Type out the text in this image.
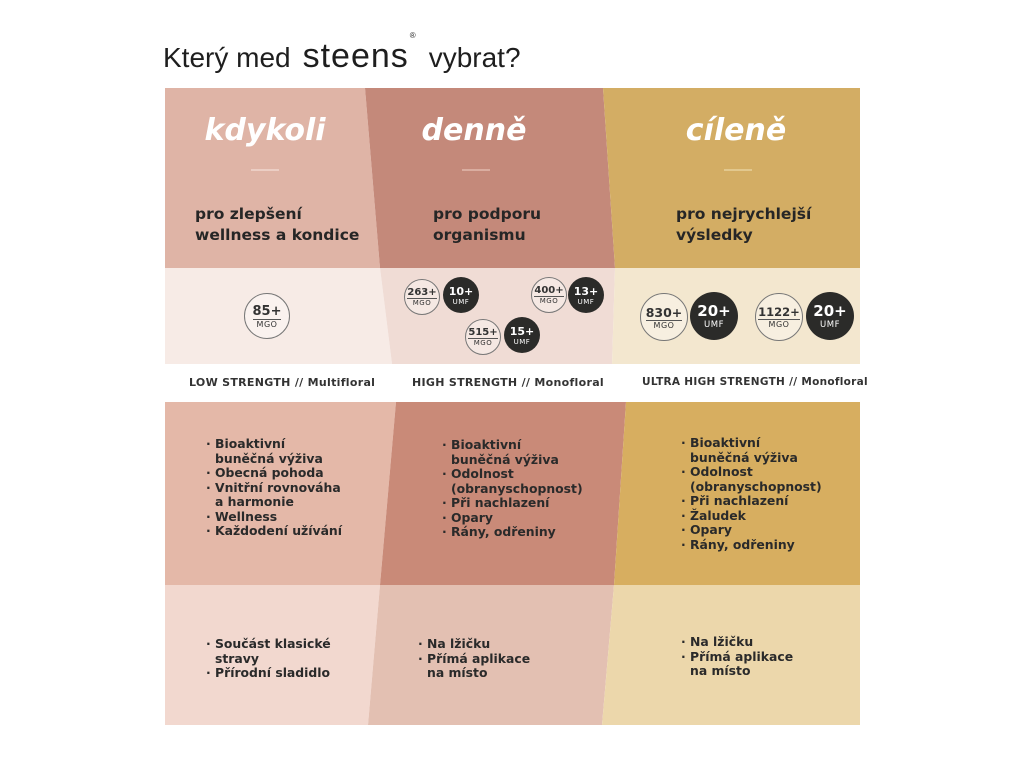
Který med steens®
vybrat?
kdykoli	denně	cíleně
pro zlepšení
wellness a kondice
pro podporu
organismu
pro nejrychlejší
výsledky
85+
MGO
263+
MGO
10+
UMF
400+
MGO
13+
UMF
515+
MGO
15+
UMF
830+
MGO
20+
UMF
1122+
MGO
20+
UMF
LOW STRENGTH // Multifloral	HIGH STRENGTH // Monofloral	ULTRA HIGH STRENGTH // Monofloral
· Bioaktivní buněčná výživa
· Obecná pohoda
· Vnitřní rovnováha a harmonie
· Wellness
· Každodení užívání
· Bioaktivní buněčná výživa
· Odolnost (obranyschopnost)
· Při nachlazení
· Opary
· Rány, odřeniny
· Bioaktivní buněčná výživa
· Odolnost (obranyschopnost)
· Při nachlazení
· Žaludek
· Opary
· Rány, odřeniny
· Součást klasické stravy
· Přírodní sladidlo
· Na lžičku
· Přímá aplikace na místo
· Na lžičku
· Přímá aplikace na místo
